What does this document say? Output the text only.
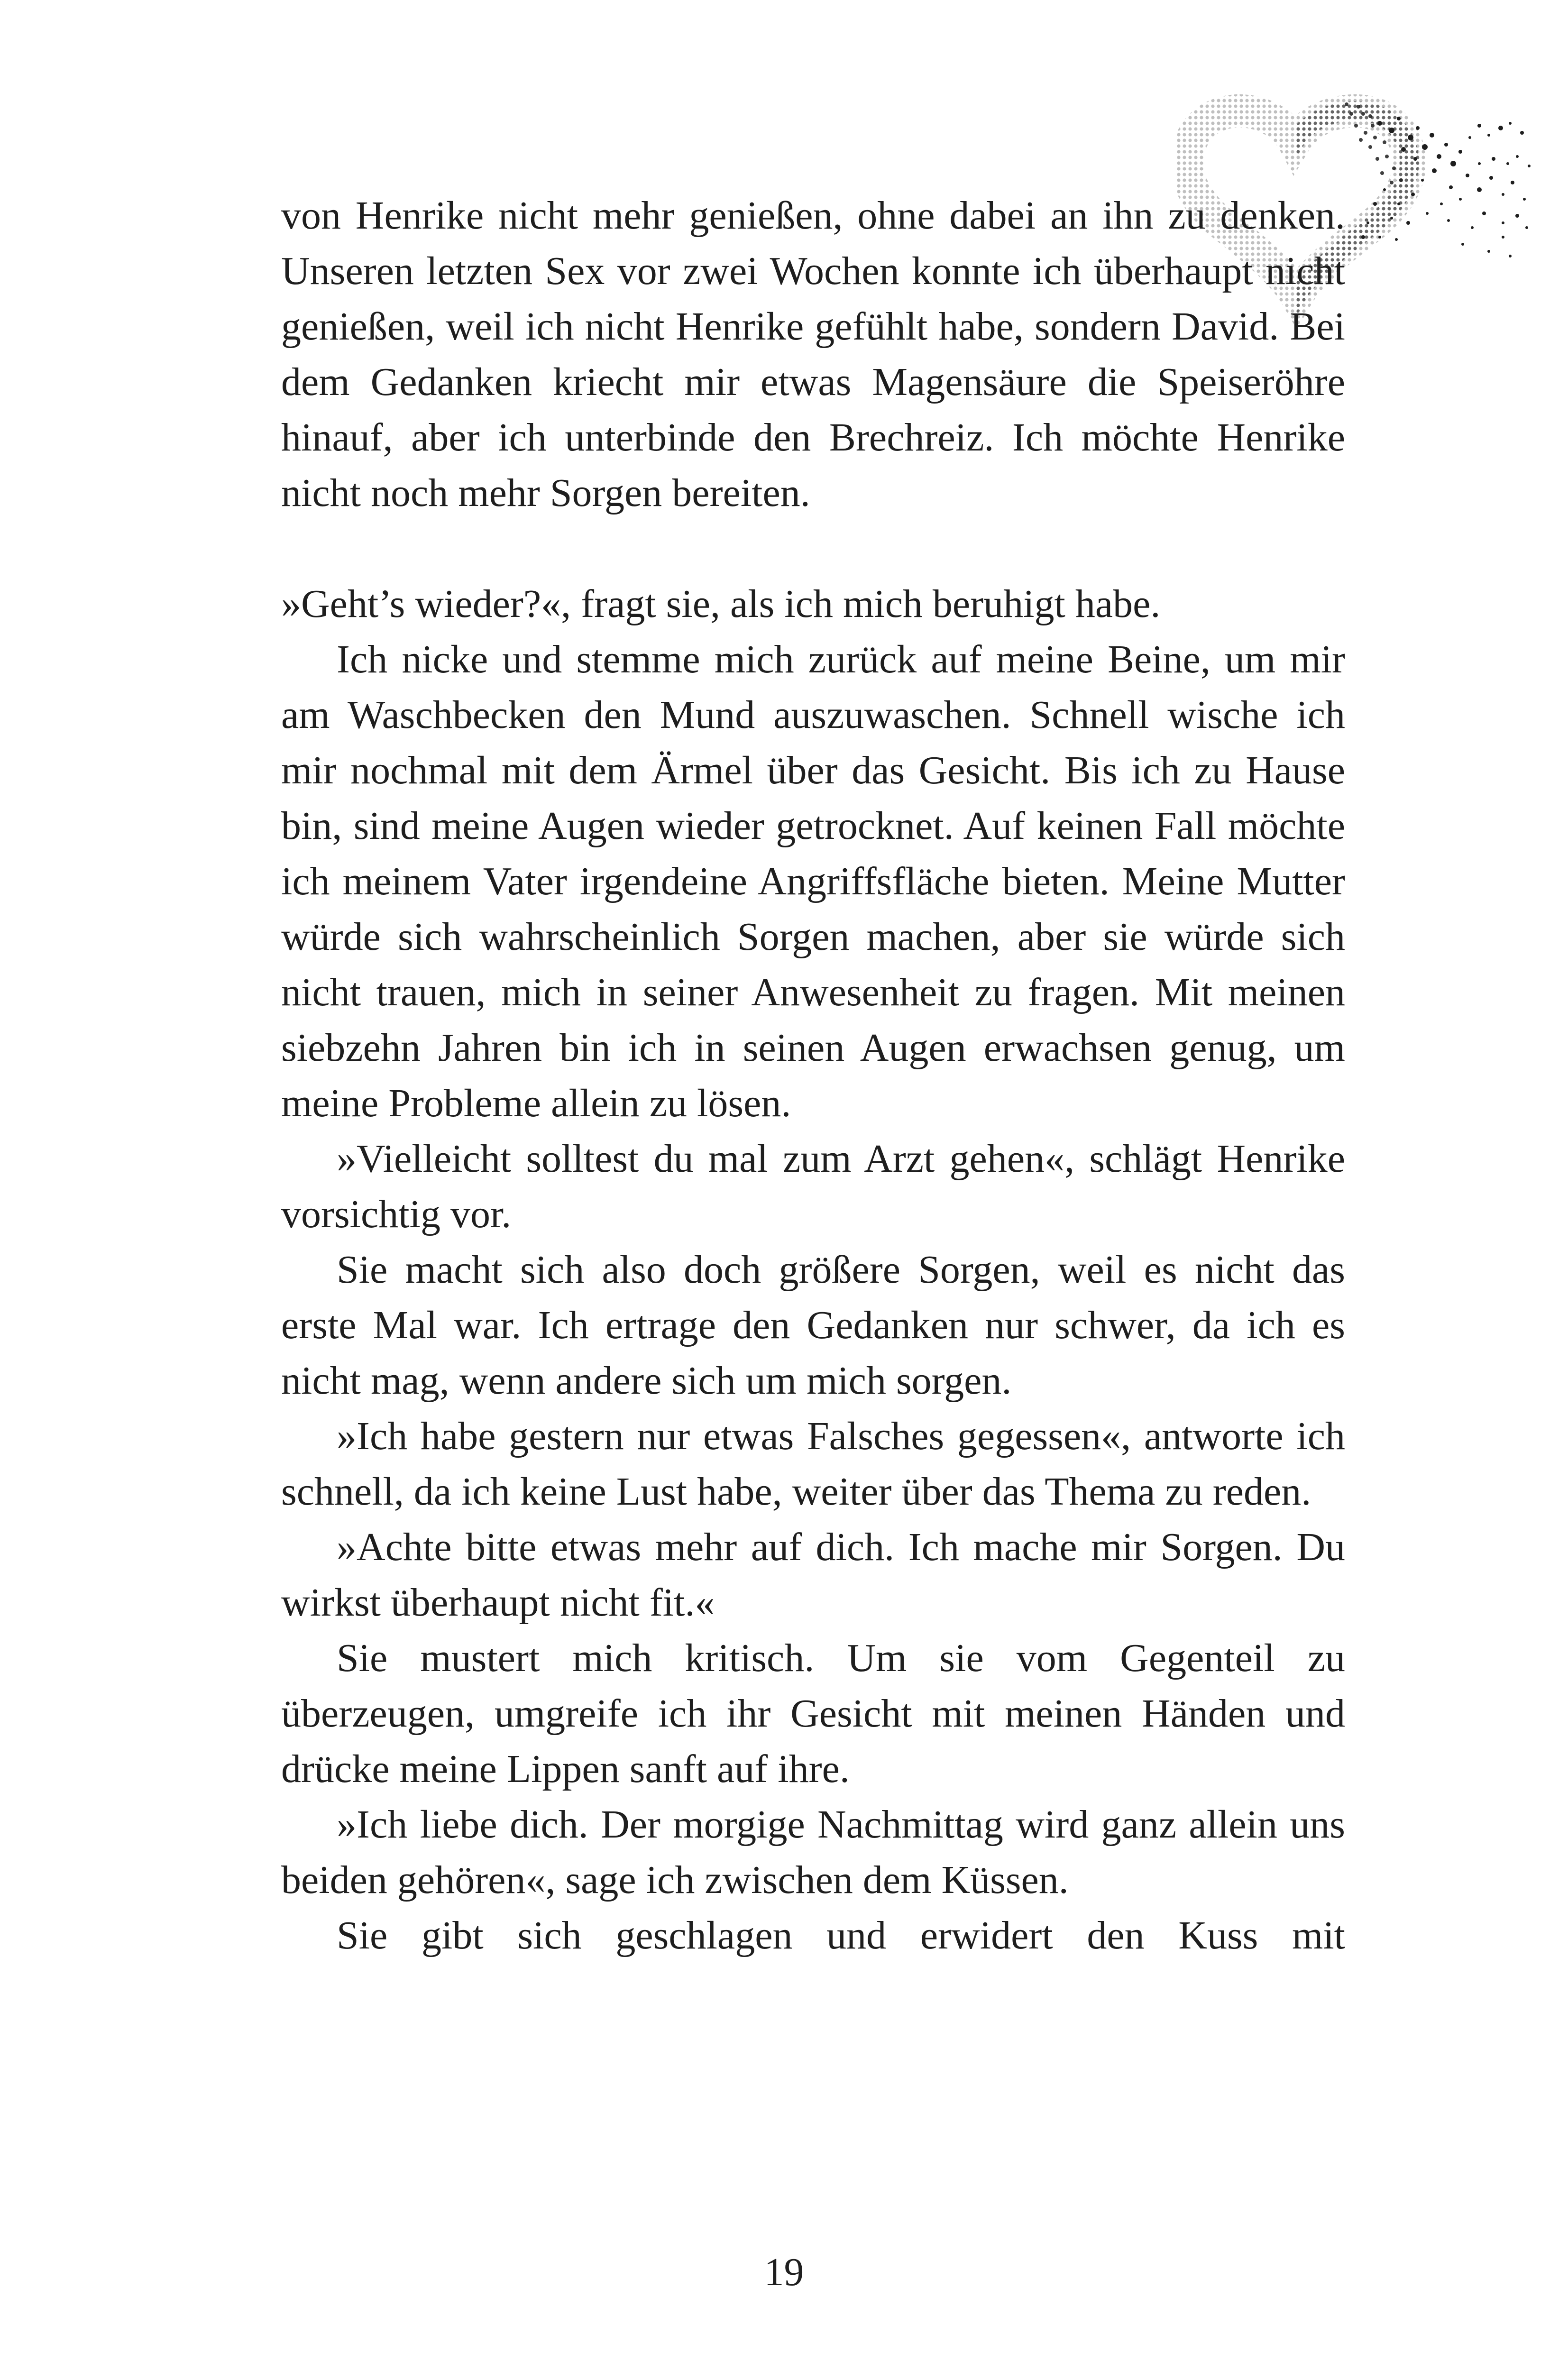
von Henrike nicht mehr genießen, ohne dabei an ihn zu denken. Unseren letzten Sex vor zwei Wochen konnte ich überhaupt nicht genießen, weil ich nicht Henrike gefühlt habe, sondern David. Bei dem Gedanken kriecht mir etwas Magensäure die Speiseröhre hinauf, aber ich unterbinde den Brechreiz. Ich möchte Henrike nicht noch mehr Sorgen bereiten.

»Geht’s wieder?«, fragt sie, als ich mich beruhigt habe.

Ich nicke und stemme mich zurück auf meine Beine, um mir am Waschbecken den Mund auszuwaschen. Schnell wische ich mir nochmal mit dem Ärmel über das Gesicht. Bis ich zu Hause bin, sind meine Augen wieder getrocknet. Auf keinen Fall möchte ich meinem Vater irgendeine Angriffsfläche bieten. Meine Mutter würde sich wahrscheinlich Sorgen machen, aber sie würde sich nicht trauen, mich in seiner Anwesenheit zu fragen. Mit meinen siebzehn Jahren bin ich in seinen Augen erwachsen genug, um meine Probleme allein zu lösen.

»Vielleicht solltest du mal zum Arzt gehen«, schlägt Henrike vorsichtig vor.

Sie macht sich also doch größere Sorgen, weil es nicht das erste Mal war. Ich ertrage den Gedanken nur schwer, da ich es nicht mag, wenn andere sich um mich sorgen.

»Ich habe gestern nur etwas Falsches gegessen«, antworte ich schnell, da ich keine Lust habe, weiter über das Thema zu reden.

»Achte bitte etwas mehr auf dich. Ich mache mir Sorgen. Du wirkst überhaupt nicht fit.«

Sie mustert mich kritisch. Um sie vom Gegenteil zu überzeugen, umgreife ich ihr Gesicht mit meinen Händen und drücke meine Lippen sanft auf ihre.

»Ich liebe dich. Der morgige Nachmittag wird ganz allein uns beiden gehören«, sage ich zwischen dem Küssen.

Sie gibt sich geschlagen und erwidert den Kuss mit

19
